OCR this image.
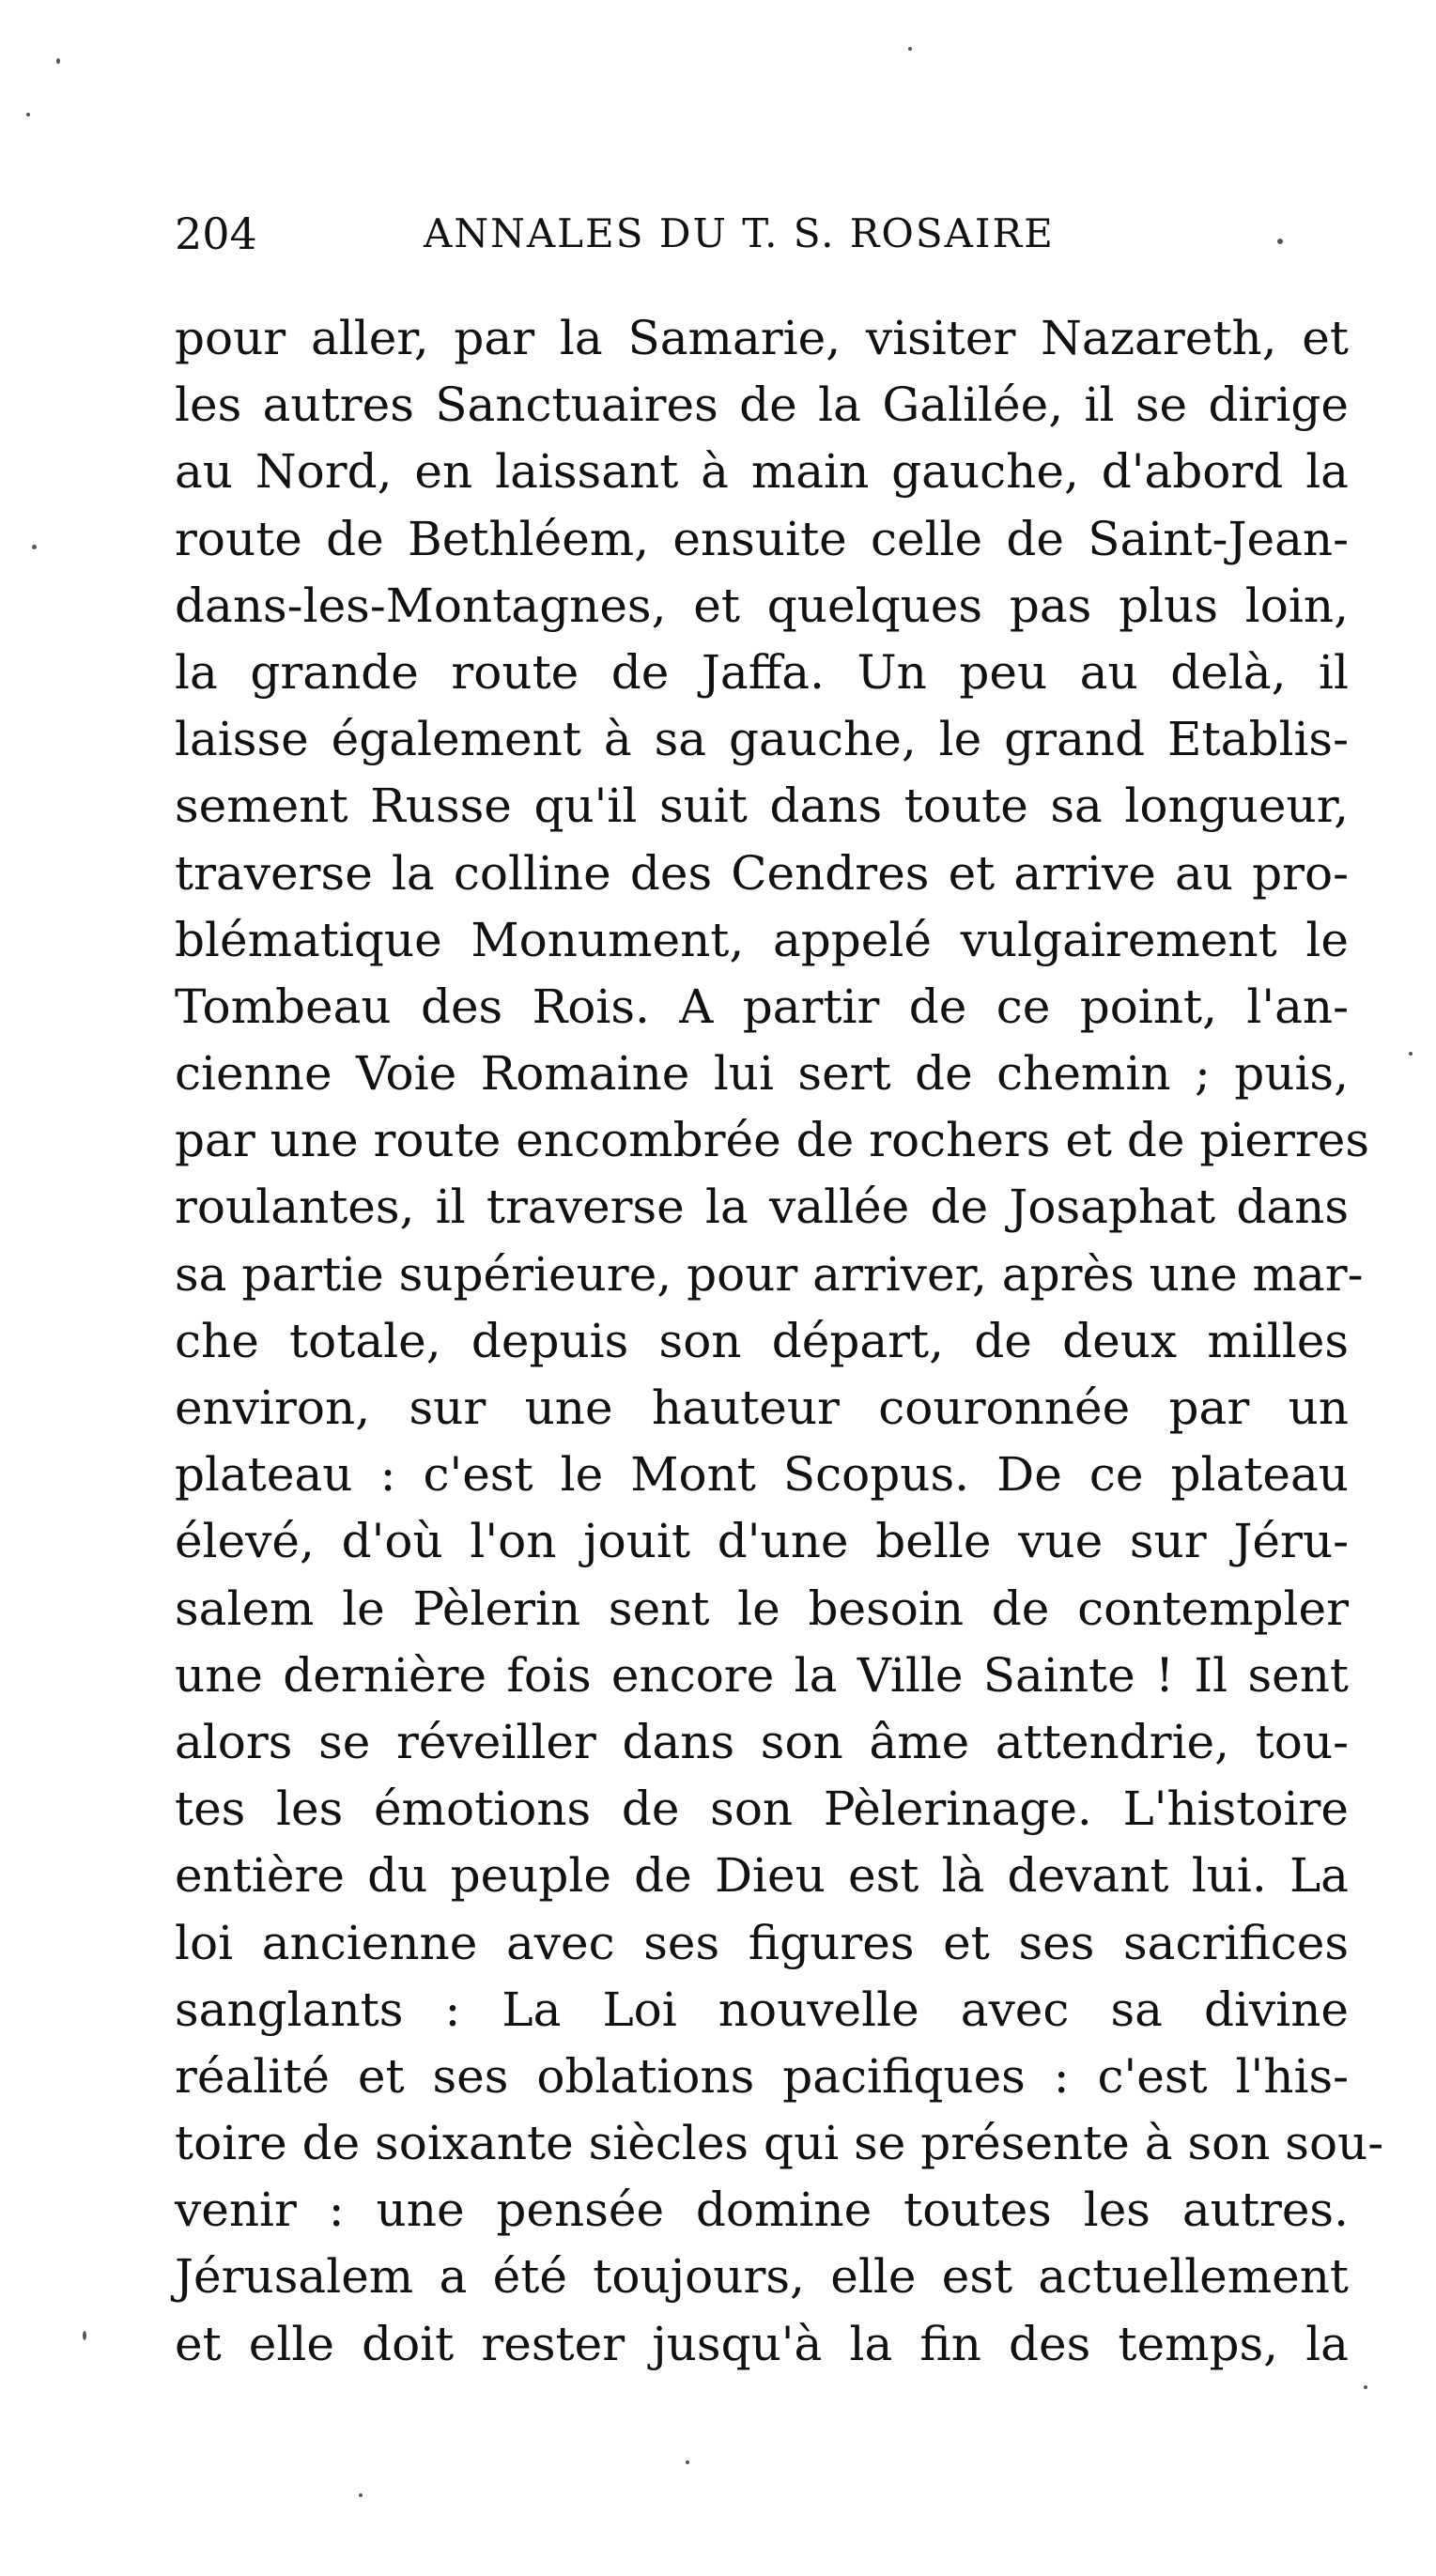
204	ANNALES DU T. S. ROSAIRE
pour aller, par la Samarie, visiter Nazareth, et
les autres Sanctuaires de la Galilée, il se dirige
au Nord, en laissant à main gauche, d'abord la
route de Bethléem, ensuite celle de Saint-Jean-
dans-les-Montagnes, et quelques pas plus loin,
la grande route de Jaffa. Un peu au delà, il
laisse également à sa gauche, le grand Etablis-
sement Russe qu'il suit dans toute sa longueur,
traverse la colline des Cendres et arrive au pro-
blématique Monument, appelé vulgairement le
Tombeau des Rois. A partir de ce point, l'an-
cienne Voie Romaine lui sert de chemin ; puis,
par une route encombrée de rochers et de pierres
roulantes, il traverse la vallée de Josaphat dans
sa partie supérieure, pour arriver, après une mar-
che totale, depuis son départ, de deux milles
environ, sur une hauteur couronnée par un
plateau : c'est le Mont Scopus. De ce plateau
élevé, d'où l'on jouit d'une belle vue sur Jéru-
salem le Pèlerin sent le besoin de contempler
une dernière fois encore la Ville Sainte ! Il sent
alors se réveiller dans son âme attendrie, tou-
tes les émotions de son Pèlerinage. L'histoire
entière du peuple de Dieu est là devant lui. La
loi ancienne avec ses figures et ses sacrifices
sanglants : La Loi nouvelle avec sa divine
réalité et ses oblations pacifiques : c'est l'his-
toire de soixante siècles qui se présente à son sou-
venir : une pensée domine toutes les autres.
Jérusalem a été toujours, elle est actuellement
et elle doit rester jusqu'à la fin des temps, la
